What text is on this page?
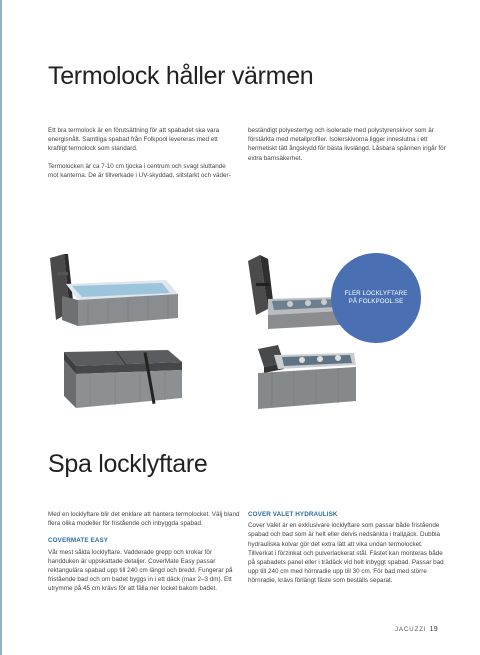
Termolock håller värmen

Ett bra termolock är en förutsättning för att spabadet ska vara energisnålt. Samtliga spabad från Folkpool levereras med ett kraftigt termolock som standard.

Termolocken är ca 7-10 cm tjocka i centrum och svagt sluttande mot kanterna. De är tillverkade i UV-skyddad, slitstarkt och väder-

beständigt polyestertyg och isolerade med polystyrenskivor som är förstärkta med metallprofiler. Isolerskivorna ligger inneslutna i ett hermetiskt tätt ångskydd för bästa livslängd. Låsbara spännen ingår för extra barnsäkerhet.

FLER LOCKLYFTARE PÅ FOLKPOOL.SE
Spa locklyftare

Med en locklyftare blir det enklare att hantera termolocket. Välj bland flera olika modeller för fristående och inbyggda spabad.

COVERMATE EASY

Vår mest sålda locklyftare. Vadderade grepp och krokar för handduken är uppskattade detaljer. CoverMate Easy passar rektangulära spabad upp till 240 cm längd och bredd. Fungerar på fristående bad och om badet byggs in i ett däck (max 2–3 dm). Ett utrymme på 45 cm krävs för att fälla ner locket bakom badet.

COVER VALET HYDRAULISK

Cover Valet är en exklusivare locklyftare som passar både fristående spabad och bad som är helt eller delvis nedsänkta i trallдäck. Dubbla hydrauliska kolvar gör det extra lätt att vika undan termolocket. Tillverkat i förzinkat och pulverlackerat stål. Fästet kan monteras både på spabadets panel eller i trädäck vid helt inbyggt spabad. Passar bad upp till 240 cm med hörnradie upp till 30 cm. För bad med större hörnradie, krävs förlängt fäste som beställs separat.

JACUZZI 19
